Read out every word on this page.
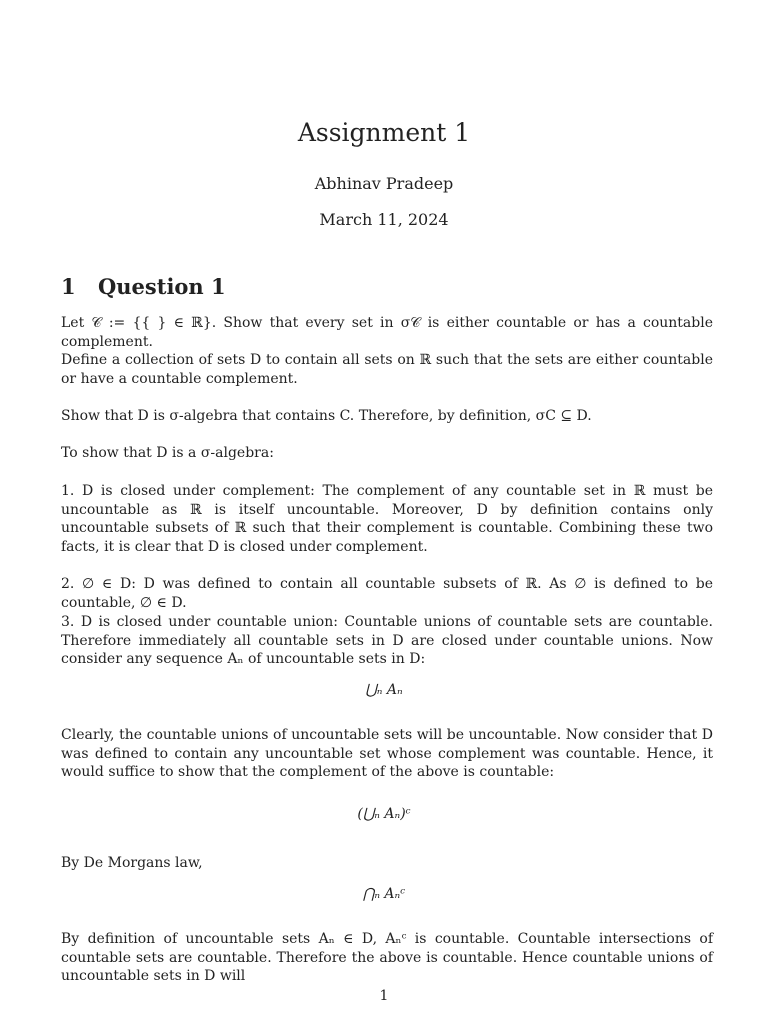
Assignment 1
Abhinav Pradeep
March 11, 2024
1 Question 1

Let 𝒞 := {{ } ∈ ℝ}. Show that every set in σ𝒞 is either countable or has a countable complement.

Define a collection of sets D to contain all sets on ℝ such that the sets are either countable or have a countable complement.

Show that D is σ-algebra that contains C. Therefore, by definition, σC ⊆ D.

To show that D is a σ-algebra:

1. D is closed under complement: The complement of any countable set in ℝ must be uncountable as ℝ is itself uncountable. Moreover, D by definition contains only uncountable subsets of ℝ such that their complement is countable. Combining these two facts, it is clear that D is closed under complement.

2. ∅ ∈ D: D was defined to contain all countable subsets of ℝ. As ∅ is defined to be countable, ∅ ∈ D.

3. D is closed under countable union: Countable unions of countable sets are countable. Therefore immediately all countable sets in D are closed under countable unions. Now consider any sequence Aₙ of uncountable sets in D:

⋃ₙ Aₙ

Clearly, the countable unions of uncountable sets will be uncountable. Now consider that D was defined to contain any uncountable set whose complement was countable. Hence, it would suffice to show that the complement of the above is countable:

(⋃ₙ Aₙ)ᶜ

By De Morgans law,

⋂ₙ Aₙᶜ

By definition of uncountable sets Aₙ ∈ D, Aₙᶜ is countable. Countable intersections of countable sets are countable. Therefore the above is countable. Hence countable unions of uncountable sets in D will

1
